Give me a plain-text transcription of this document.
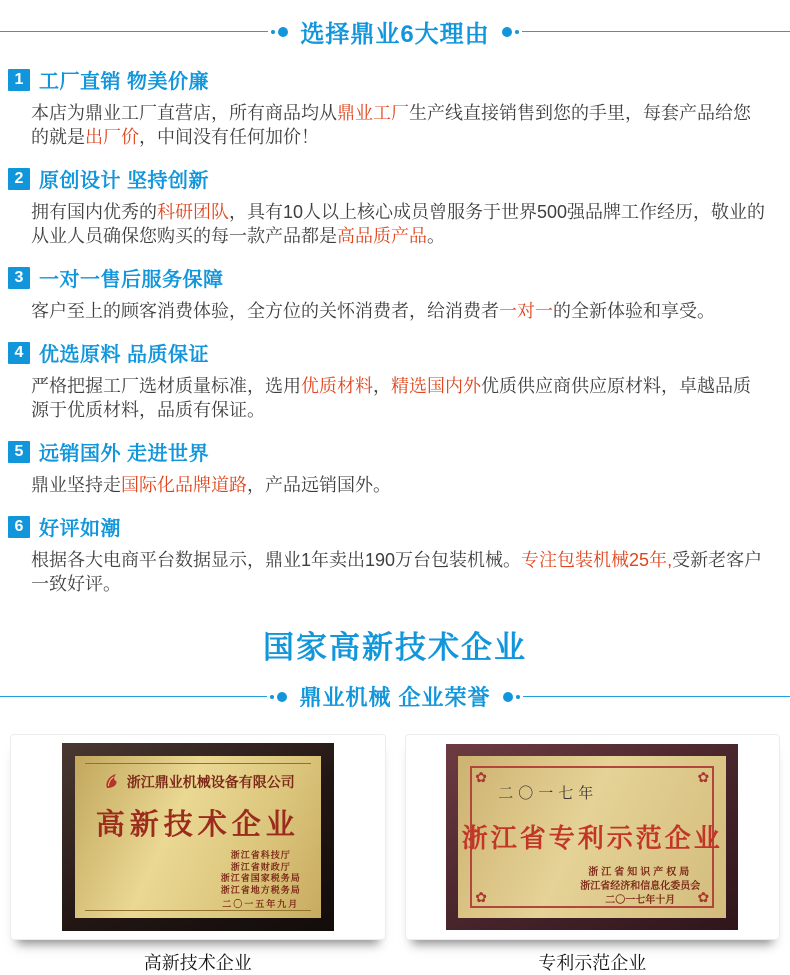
选择鼎业6大理由
1 工厂直销 物美价廉

本店为鼎业工厂直营店，所有商品均从鼎业工厂生产线直接销售到您的手里，每套产品给您的就是出厂价，中间没有任何加价！

2 原创设计 坚持创新

拥有国内优秀的科研团队，具有10人以上核心成员曾服务于世界500强品牌工作经历，敬业的从业人员确保您购买的每一款产品都是高品质产品。

3 一对一售后服务保障

客户至上的顾客消费体验，全方位的关怀消费者，给消费者一对一的全新体验和享受。

4 优选原料 品质保证

严格把握工厂选材质量标准，选用优质材料，精选国内外优质供应商供应原材料，卓越品质源于优质材料，品质有保证。

5 远销国外 走进世界

鼎业坚持走国际化品牌道路，产品远销国外。

6 好评如潮

根据各大电商平台数据显示，鼎业1年卖出190万台包装机械。专注包装机械25年,受新老客户一致好评。

国家高新技术企业
鼎业机械 企业荣誉
浙江鼎业机械设备有限公司
高新技术企业
浙江省科技厅
浙江省财政厅
浙江省国家税务局
浙江省地方税务局
二〇一五年九月
高新技术企业
✿	✿
✿	✿
二〇一七年
浙江省专利示范企业
浙江省知识产权局
浙江省经济和信息化委员会
二〇一七年十月
专利示范企业
